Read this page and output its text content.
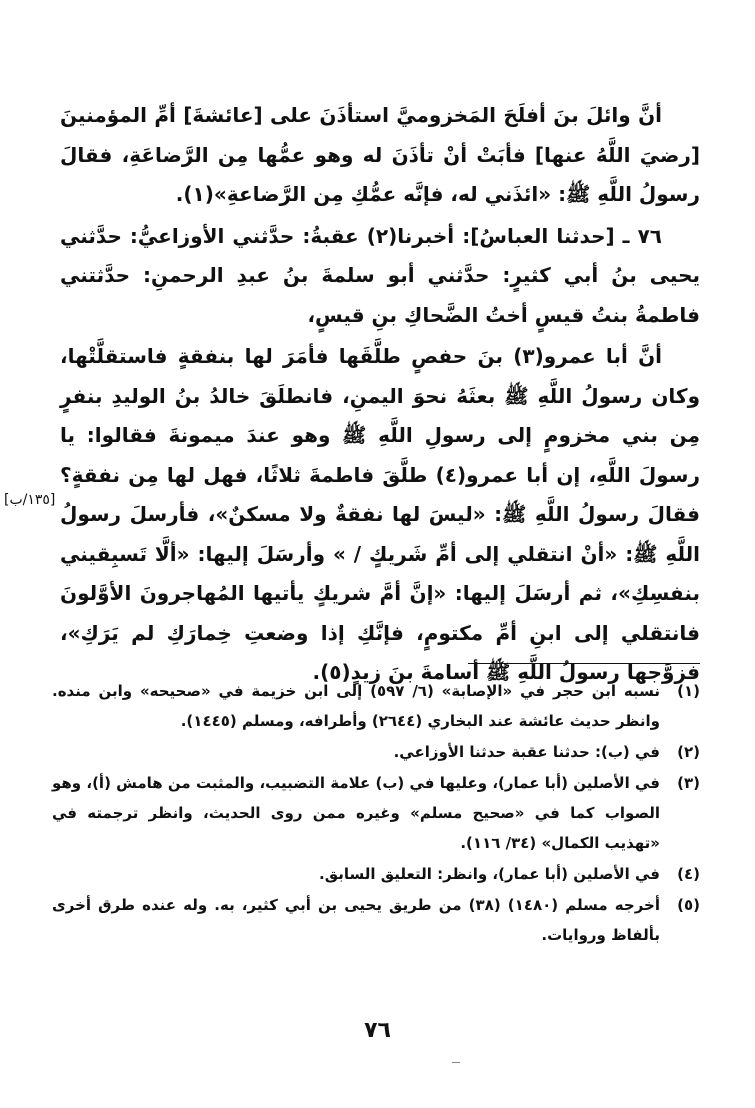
أنَّ وائلَ بنَ أفلَحَ المَخزوميَّ استأذَنَ على [عائشةَ] أمِّ المؤمنينَ [رضيَ اللَّهُ عنها] فأبَتْ أنْ تأذَنَ له وهو عمُّها مِن الرَّضاعَةِ، فقالَ رسولُ اللَّهِ ﷺ: «ائذَني له، فإنَّه عمُّكِ مِن الرَّضاعةِ»(١).

٧٦ ـ [حدثنا العباسُ]: أخبرنا(٢) عقبةُ: حدَّثني الأوزاعيُّ: حدَّثني يحيى بنُ أبي كثيرٍ: حدَّثني أبو سلمةَ بنُ عبدِ الرحمنِ: حدَّثتني فاطمةُ بنتُ قيسٍ أختُ الضَّحاكِ بنِ قيسٍ،

أنَّ أبا عمرو(٣) بنَ حفصٍ طلَّقَها فأمَرَ لها بنفقةٍ فاستقلَّتْها، وكان رسولُ اللَّهِ ﷺ بعثَهُ نحوَ اليمنِ، فانطلَقَ خالدُ بنُ الوليدِ بنفرٍ مِن بني مخزومٍ إلى رسولِ اللَّهِ ﷺ وهو عندَ ميمونةَ فقالوا: يا رسولَ اللَّهِ، إن أبا عمرو(٤) طلَّقَ فاطمةَ ثلاثًا، فهل لها مِن نفقةٍ؟ فقالَ رسولُ اللَّهِ ﷺ: «ليسَ لها نفقةٌ ولا مسكنٌ»، فأرسلَ رسولُ اللَّهِ ﷺ: «أنْ انتقلي إلى أمِّ شَريكٍ / » وأرسَلَ إليها: «ألَّا تَسبِقيني بنفسِكِ»، ثم أرسَلَ إليها: «إنَّ أمَّ شريكٍ يأتيها المُهاجرونَ الأوَّلونَ فانتقلي إلى ابنِ أمِّ مكتومٍ، فإنَّكِ إذا وضعتِ خِمارَكِ لم يَرَكِ»، فزوَّجها رسولُ اللَّهِ ﷺ أسامةَ بنَ زيدٍ(٥).

[١٣٥/ب]
(١)
نسبه ابن حجر في «الإصابة» (٦/ ٥٩٧) إلى ابن خزيمة في «صحيحه» وابن منده. وانظر حديث عائشة عند البخاري (٢٦٤٤) وأطرافه، ومسلم (١٤٤٥).
(٢)
في (ب): حدثنا عقبة حدثنا الأوزاعي.
(٣)
في الأصلين (أبا عمار)، وعليها في (ب) علامة التضبيب، والمثبت من هامش (أ)، وهو الصواب كما في «صحيح مسلم» وغيره ممن روى الحديث، وانظر ترجمته في «تهذيب الكمال» (٣٤/ ١١٦).
(٤)
في الأصلين (أبا عمار)، وانظر: التعليق السابق.
(٥)
أخرجه مسلم (١٤٨٠) (٣٨) من طريق يحيى بن أبي كثير، به. وله عنده طرق أخرى بألفاظ وروايات.
٧٦
